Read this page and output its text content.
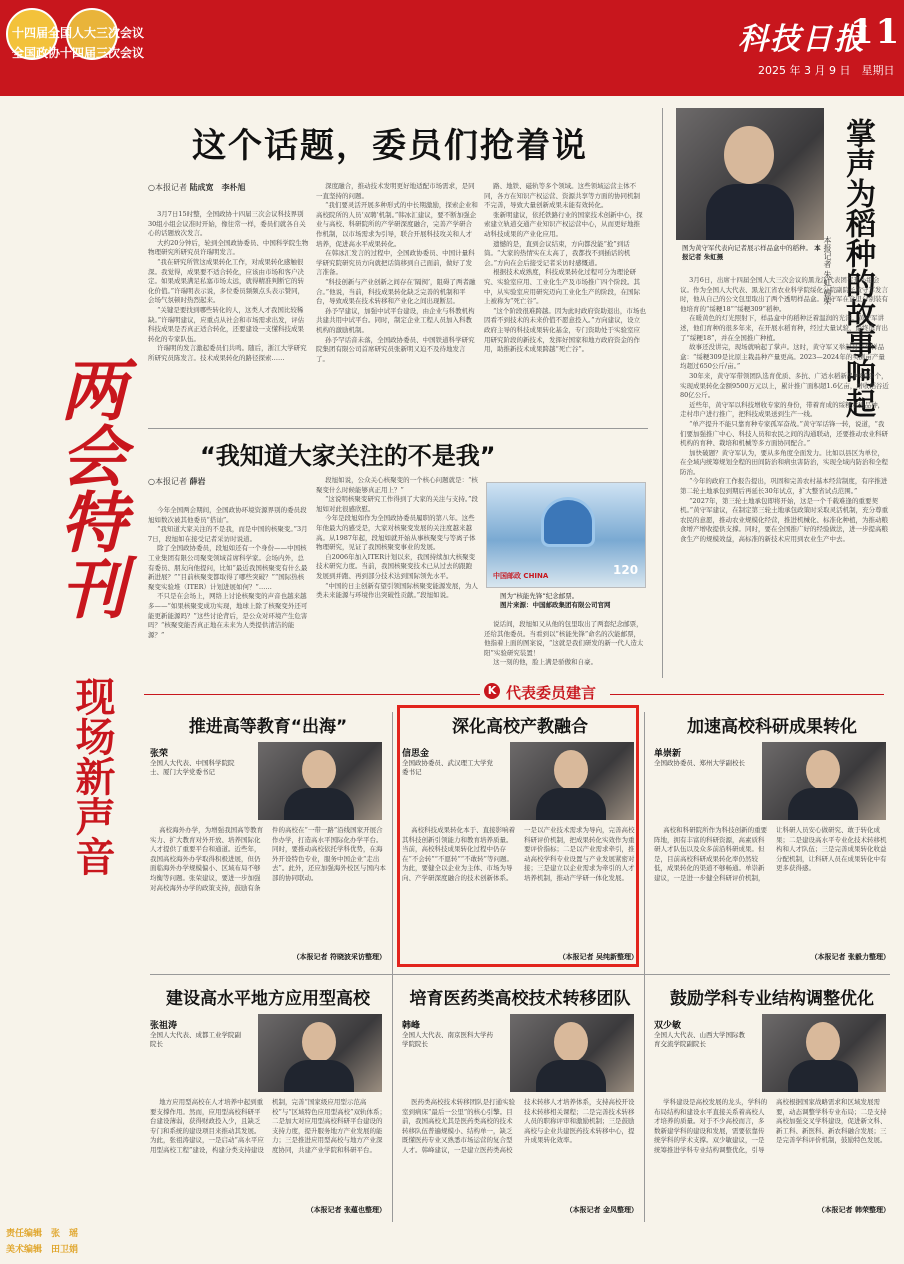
十四届全国人大三次会议
全国政协十四届三次会议	科技日报
11
2025 年 3 月 9 日　星期日
两会特刊
现场新声音
这个话题，委员们抢着说
○本报记者 陆成宽　李朴旭

3月7日15时整，全国政协十四届三次会议科技界别30组小组会议准时开始，像往常一样，委员们就各自关心的话题放次发言。

大约20分钟后，轮到全国政协委员、中国科学院生物物理研究所研究员许瑞明发言。

“我在研究所管这成果转化工作，对成果转化感触很深。我觉得，成果要不适合转化，应该由市场和客户决定。如果成果满足私塞市场太远，就得精准判断它的转化价值。”许瑞明表示说，多位委员频频点头表示赞同，会场气氛顿时热烈起来。

“关键是要找到哪些转化的人，这类人才我国比较稀缺。”许瑞明建议，应重点从社会和市场需求出发，评估科技成果是否真正适合转化，还要建设一支懂科技成果转化的专家队伍。

许瑞明的发言激起委员们共鸣。随后，浙江大学研究所研究员陈发言。技术成果转化的路径探索……

深度融合，推动技术发明更好地适配市场需求，是同一直坚持的问题。

“我们要灵活开展多种形式的中长期激励，探索企业和高校院所的人员‘双聘’机制。”韩冰汇建议，要不断加强企业与高校、科研院所的产学研深度融合，完善产学研合作机制，以市场需求为引导，联合开展科技攻关和人才培养，促进高水平成果转化。

在韩冰汇发言的过程中，全国政协委员、中国计量科学研究院研究员方向就把话筒移到自己面前，做好了发言准备。

“科技创新与产业创新之间存在‘隔阂’，阻碍了两者融合。”他说，当前，科技成果转化缺乏完善的机制和平台，导致成果在技术转移和产业化之间出现断层。

孙予罕建议，加强中试平台建设，由企业与科教机构共建共用中试平台。同时，制定企业工程人员加入科教机构的激励机制。

孙予罕话音未落，全国政协委员、中国铁道科学研究院集团有限公司首席研究员张新明又迫不及待地发言了。

路、地铁、磁轨等多个领域。这些领域运营主体不同，各方在知识产权运营、资源共享等方面的协同机制不完善，导致大量创新成果未能有效转化。

张新明建议，依托铁路行业的国家技术创新中心，探索建立轨道交通产业知识产权运营中心，从而更好地推动科技成果的产业化应用。

遗憾的是，直到会议结束，方向都没能“抢”到话筒。“大家的热情实在太高了，我都找不到插话的机会。”方向在会后接受记者采访时感慨道。

根据技术成熟度，科技成果转化过程可分为理论研究、实验室应用、工业化生产及市场推广四个阶段。其中，从实验室应用研究迈向工业化生产的阶段，在国际上被称为“死亡谷”。

“这个阶段很难跨越。因为此时政府资助退出，市场也因看不到技术的未来价值不愿意投入。”方向建议，设立政府主导的科技成果转化基金，专门资助处于实验室应用研究阶段的新技术，发挥好国家和地方政府资金的作用，助推新技术成果跨越“死亡谷”。

“我知道大家关注的不是我”
○本报记者 薛岩

今年全国两会期间，全国政协环境资源界别的委员段旭如数次被其他委员“搭讪”。

“我知道大家关注的不是我，而是中国的核聚变。”3月7日，段旭如在接受记者采访时说道。

除了全国政协委员，段旭如还有一个身份——中国核工业集团有限公司聚变领域首席科学家。会场内外，总有委员、朋友向他提问，比如“最近我国核聚变有什么最新进展？”“目前核聚变都取得了哪些突破？”“国际热核聚变实验堆（ITER）计划进展如何？”……

不只是在会场上，网络上讨论核聚变的声音也越来越多——“如果核聚变成功实现，地球上除了核聚变外还可能更新能源吗？”这些讨论背后，是公众对环境产生危害吗？“核聚变能否真正地在未来为人类提供清洁的能源？”

段旭如说，公众关心核聚变的一个核心问题就是：“核聚变什么时候能够真正用上？”

“这说明核聚变研究工作得到了大家的关注与支持。”段旭如对此很感欣慰。

今年是段旭如作为全国政协委员履职的第八年。这些年他最大的感受是，大家对核聚变发展的关注度越来越高。从1987年起，段旭如就开始从事核聚变与等离子体物理研究，见证了我国核聚变事业的发展。

自2006年加入ITER计划以来，我国持续加大核聚变技术研究力度。当前，我国核聚变技术已从过去的跟跑发展到并跑、再到部分技术达到国际领先水平。

“中国的日主创新有望引领国际核聚变能源发展，为人类未来能源与环境作出突破性贡献。”段旭如说。

中国邮政 CHINA	120
图为“核能先锋”纪念邮票。
图片来源：中国邮政集团有限公司官网

说话间，段旭如又从他的包里取出了两套纪念邮票，还给其他委员。当看到以“核能先锋”命名的次能邮票，他指着上面的图案说，“这就是我们研发的新一代人造太阳”实验研究装置！

这一刻的他，脸上满是骄傲和自豪。

图为黄守军代表向记者展示样品盒中的稻种。 本报记者 朱虹摄	掌声为稻种的故事响起
本报记者 朱虹 韩荣

3月6日，出席十四届全国人大三次会议的黑龙江代表团召开小组会议。作为全国人大代表、黑龙江省农业科学院绥化分院副院长黄守军发言时，他从自己的公文包里取出了两个透明样品盒。黄守军在盒里分别装有他培育的“绥粳18”“绥粳309”稻种。

在暖黄色的灯光照射下，样品盒中的稻种泛着温润的光泽。黄守军讲述，他们育种的很多年来，在开展水稻育种，经过大量试验，最终选育出了“绥粳18”，并在全国推广种植。

故事还没讲完，现场就响起了掌声。这时，黄守军又举起另一个样品盒：“绥粳309是比原主栽品种产量更高。2023—2024年的实测亩产量均超过650公斤/亩。”

30年来，黄守军带领团队选育优质、多抗、广适水稻新品种80余个，实现成果转化金额9500万元以上，累计推广面积超1.6亿亩，增收稻谷近80亿公斤。

近些年，黄守军以科技增收专家的身份，带着育成的绥粳水稻品种，走村串户进行推广，把科技成果送到生产一线。

“单产提升不能只靠育种专家孤军奋战。”黄守军话锋一转，说道，“我们要加强推广中心、科技人员和农民之间的沟通联动，还要推动农业科研机构的育种、栽培和机械等多方面协同配合。”

加快破题？黄守军认为，要从多角度全面发力。比如以县区为单位，在全域内统筹规划全程的田间防治和病虫害防治，实现全域内防治和全程防治。

“今年的政府工作报告提出，巩固和完善农村基本经营制度，有序推进第二轮土地承包到期后再延长30年试点，扩大整省试点范围。”

“2027年，第三轮土地承包即将开始，这是一个千载难逢的重要契机。”黄守军建议，在制定第三轮土地承包政策时采取灵活机制，充分尊重农民的意愿，推动农业规模化经营，推进机械化、标准化种植，为推动粮食增产增收提供支撑。同时，要在全国推广好的经验做法，进一步提高粮食生产的规模效益，高标准的新技术应用到农业生产中去。

K 代表委员建言
推进高等教育“出海”
张荣
全国人大代表、中国科学院院士、厦门大学党委书记

高校海外办学，为增强我国高等教育实力、扩大教育对外开放、培养国际化人才提供了重要平台和通道。近些年，我国高校海外办学取得积极进展，但仍面临海外办学规模偏小、区域布局不够均衡等问题。张荣建议，要进一步加强对高校海外办学的政策支持，鼓励有条件的高校在“一带一路”沿线国家开展合作办学，打造高水平国际化办学平台。同时，要推动高校依托学科优势，在海外开设特色专业，服务中国企业“走出去”。此外，还应加强海外校区与国内本部的协同联动。

（本报记者 符晓波采访整理）
深化高校产教融合
信思金
全国政协委员、武汉理工大学党委书记

高校科技成果转化本于、直接影响着其科技创新引领能力和教育培养质量。当前，高校科技成果转化过程中仍存在“不会转”“不愿转”“不敢转”等问题。为此，要健全以企业为主体、市场为导向、产学研深度融合的技术创新体系。一是以产业技术需求为导向，完善高校科研评价机制，把成果转化实效作为重要评价指标；二是以产业需求牵引，推动高校学科专业设置与产业发展紧密对接；三是建立以企业需求为牵引的人才培养机制，推动产学研一体化发展。

（本报记者 吴纯新整理）
加速高校科研成果转化
单崇新
全国政协委员、郑州大学副校长

高校和科研院所作为科技创新的重要阵地，拥有丰富的科研资源，高素质科研人才队伍以及众多前沿科研成果。但是，目前高校科研成果转化率仍然较低，成果转化的渠道不够畅通。单崇新建议，一是进一步健全科研评价机制，让科研人员安心做研究、敢于转化成果；二是建设高水平专业化技术转移机构和人才队伍；三是完善成果转化收益分配机制，让科研人员在成果转化中有更多获得感。

（本报记者 张毅力整理）
建设高水平地方应用型高校
张祖涛
全国人大代表、成都工业学院副院长

地方应用型高校在人才培养中起到重要支撑作用。然而，应用型高校科研平台建设薄弱，获得财政投入少，且缺乏专门和系统的建设项目来推动其发展。为此，张祖涛建议，一是启动“高水平应用型高校工程”建设，构建分类支持建设机制，完善“国家级应用型示范高校”与“区域特色应用型高校”双轨体系；二是加大对应用型高校科研平台建设的支持力度，提升服务地方产业发展的能力；三是推进应用型高校与地方产业深度协同，共建产业学院和科研平台。

（本报记者 张蕴也整理）
培育医药类高校技术转移团队
韩峰
全国人大代表、南京医科大学药学院院长

医药类高校技术转移团队是打通实验室到病床“最后一公里”的核心引擎。目前，我国高校尤其是医药类高校的技术转移队伍普遍规模小、结构单一，缺乏既懂医药专业又熟悉市场运营的复合型人才。韩峰建议，一是建立医药类高校技术转移人才培养体系，支持高校开设技术转移相关课程；二是完善技术转移人员的职称评审和激励机制；三是鼓励高校与企业共建医药技术转移中心，提升成果转化效率。

（本报记者 金凤整理）
鼓励学科专业结构调整优化
双少敏
全国人大代表、山西大学国际教育交流学院副院长

学科建设是高校发展的龙头，学科的布局结构和建设水平直接关系着高校人才培养的质量。对于不少高校而言，多数新建学科的建设和发展，需要依靠传统学科的学术支撑。双少敏建议，一是统筹推进学科专业结构调整优化，引导高校根据国家战略需求和区域发展需要，动态调整学科专业布局；二是支持高校加强交叉学科建设，促进新文科、新工科、新医科、新农科融合发展；三是完善学科评价机制，鼓励特色发展。

（本报记者 韩荣整理）
责任编辑　张　瑶
美术编辑　田卫娟
